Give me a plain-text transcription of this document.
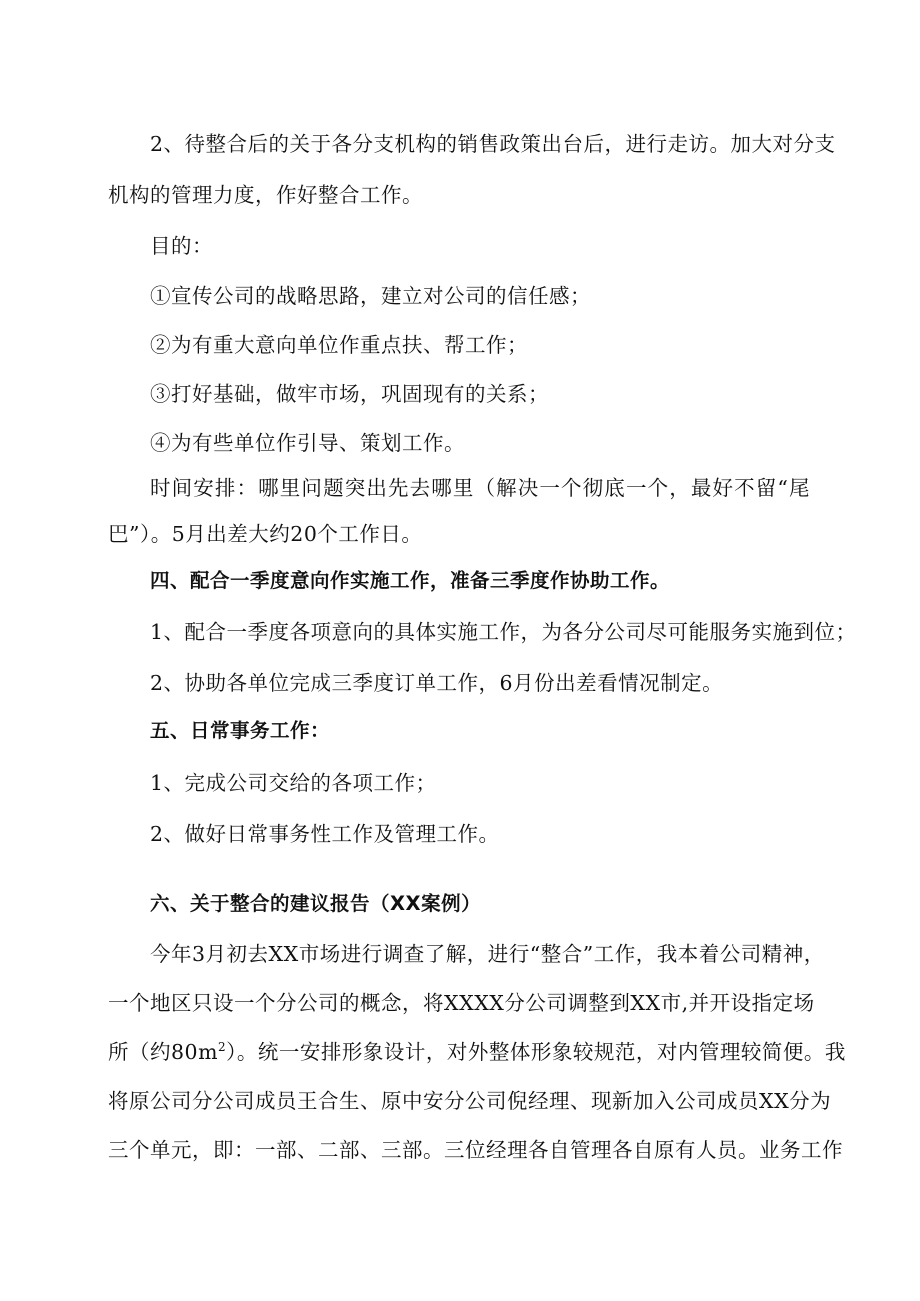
2、待整合后的关于各分支机构的销售政策出台后，进行走访。加大对分支
机构的管理力度，作好整合工作。
目的：
①宣传公司的战略思路，建立对公司的信任感；
②为有重大意向单位作重点扶、帮工作；
③打好基础，做牢市场，巩固现有的关系；
④为有些单位作引导、策划工作。
时间安排：哪里问题突出先去哪里（解决一个彻底一个，最好不留“尾
巴”）。5月出差大约20个工作日。
四、配合一季度意向作实施工作，准备三季度作协助工作。
1、配合一季度各项意向的具体实施工作，为各分公司尽可能服务实施到位；
2、协助各单位完成三季度订单工作，6月份出差看情况制定。
五、日常事务工作：
1、完成公司交给的各项工作；
2、做好日常事务性工作及管理工作。
六、关于整合的建议报告（XX案例）
今年3月初去XX市场进行调查了解，进行“整合”工作，我本着公司精神，
一个地区只设一个分公司的概念，将XXXX分公司调整到XX市,并开设指定场
所（约$80m^2$）。统一安排形象设计，对外整体形象较规范，对内管理较简便。我
将原公司分公司成员王合生、原中安分公司倪经理、现新加入公司成员XX分为
三个单元，即：一部、二部、三部。三位经理各自管理各自原有人员。业务工作
